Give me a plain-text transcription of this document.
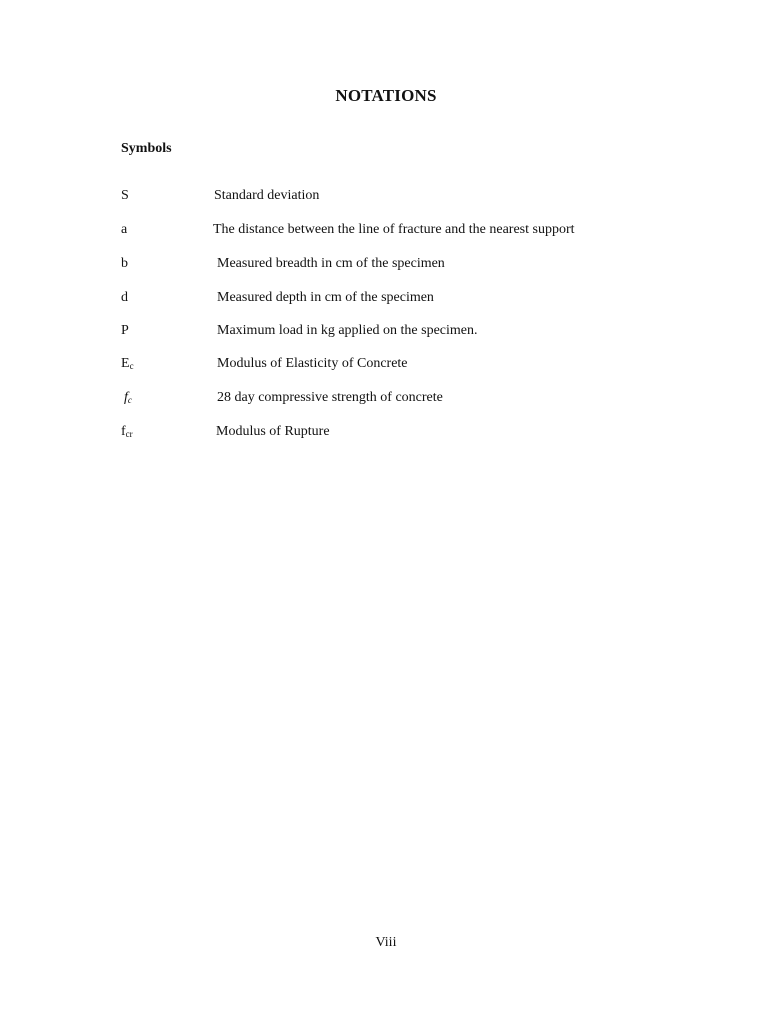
NOTATIONS
Symbols
S	Standard deviation
a	The distance between the line of fracture and the nearest support
b	Measured breadth in cm of the specimen
d	Measured depth in cm of the specimen
P	Maximum load in kg applied on the specimen.
$E_c$	Modulus of Elasticity of Concrete
$f_c$	28 day compressive strength of concrete
$f_{cr}$	Modulus of Rupture
Viii
